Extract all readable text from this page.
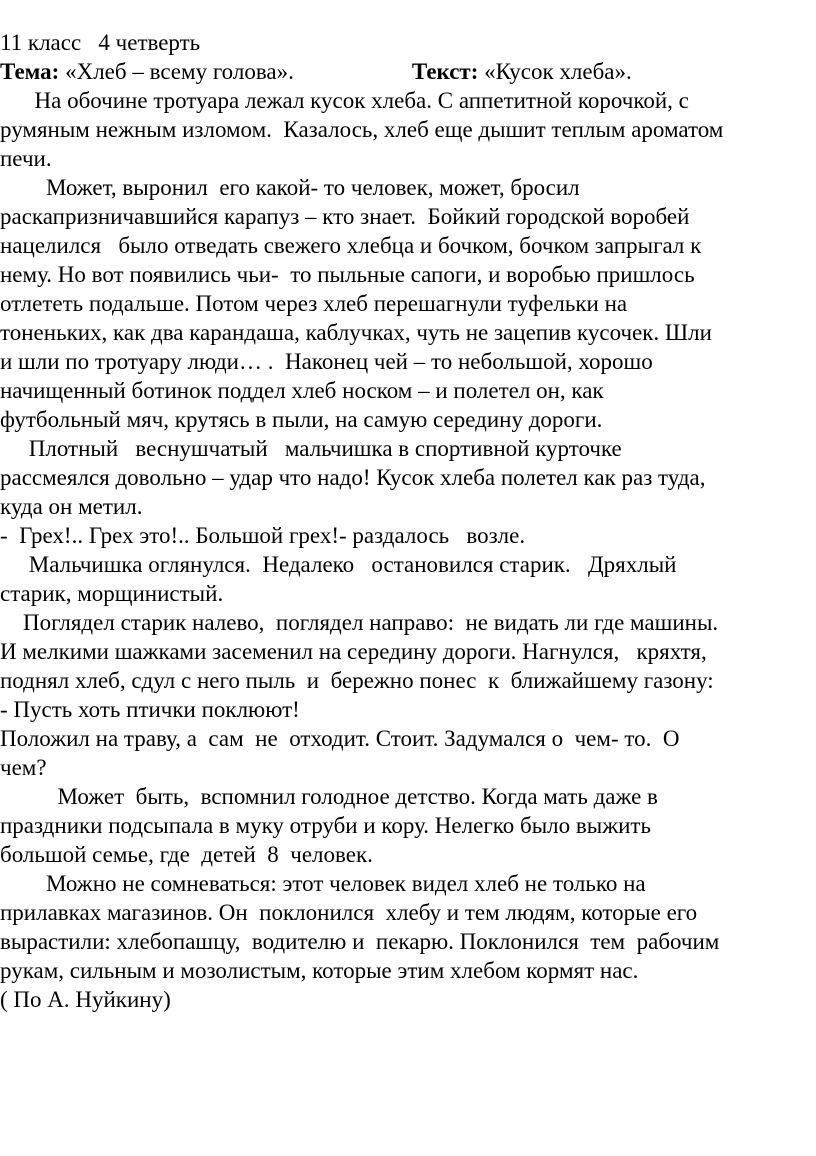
11 класс   4 четверть

Тема: «Хлеб – всему голова».	Текст: «Кусок хлеба».

На обочине тротуара лежал кусок хлеба. С аппетитной корочкой, с

румяным нежным изломом.  Казалось, хлеб еще дышит теплым ароматом

печи.

Может, выронил  его какой- то человек, может, бросил

раскапризничавшийся карапуз – кто знает.  Бойкий городской воробей

нацелился   было отведать свежего хлебца и бочком, бочком запрыгал к

нему. Но вот появились чьи-  то пыльные сапоги, и воробью пришлось

отлететь подальше. Потом через хлеб перешагнули туфельки на

тоненьких, как два карандаша, каблучках, чуть не зацепив кусочек. Шли

и шли по тротуару люди… .  Наконец чей – то небольшой, хорошо

начищенный ботинок поддел хлеб носком – и полетел он, как

футбольный мяч, крутясь в пыли, на самую середину дороги.

Плотный   веснушчатый   мальчишка в спортивной курточке

рассмеялся довольно – удар что надо! Кусок хлеба полетел как раз туда,

куда он метил.

-  Грех!.. Грех это!.. Большой грех!- раздалось   возле.

Мальчишка оглянулся.  Недалеко   остановился старик.   Дряхлый

старик, морщинистый.

Поглядел старик налево,  поглядел направо:  не видать ли где машины.

И мелкими шажками засеменил на середину дороги. Нагнулся,   кряхтя,

поднял хлеб, сдул с него пыль  и  бережно понес  к  ближайшему газону:

- Пусть хоть птички поклюют!

Положил на траву, а  сам  не  отходит. Стоит. Задумался о  чем- то.  О

чем?

Может  быть,  вспомнил голодное детство. Когда мать даже в

праздники подсыпала в муку отруби и кору. Нелегко было выжить

большой семье, где  детей  8  человек.

Можно не сомневаться: этот человек видел хлеб не только на

прилавках магазинов. Он  поклонился  хлебу и тем людям, которые его

вырастили: хлебопашцу,  водителю и  пекарю. Поклонился  тем  рабочим

рукам, сильным и мозолистым, которые этим хлебом кормят нас.

( По А. Нуйкину)
